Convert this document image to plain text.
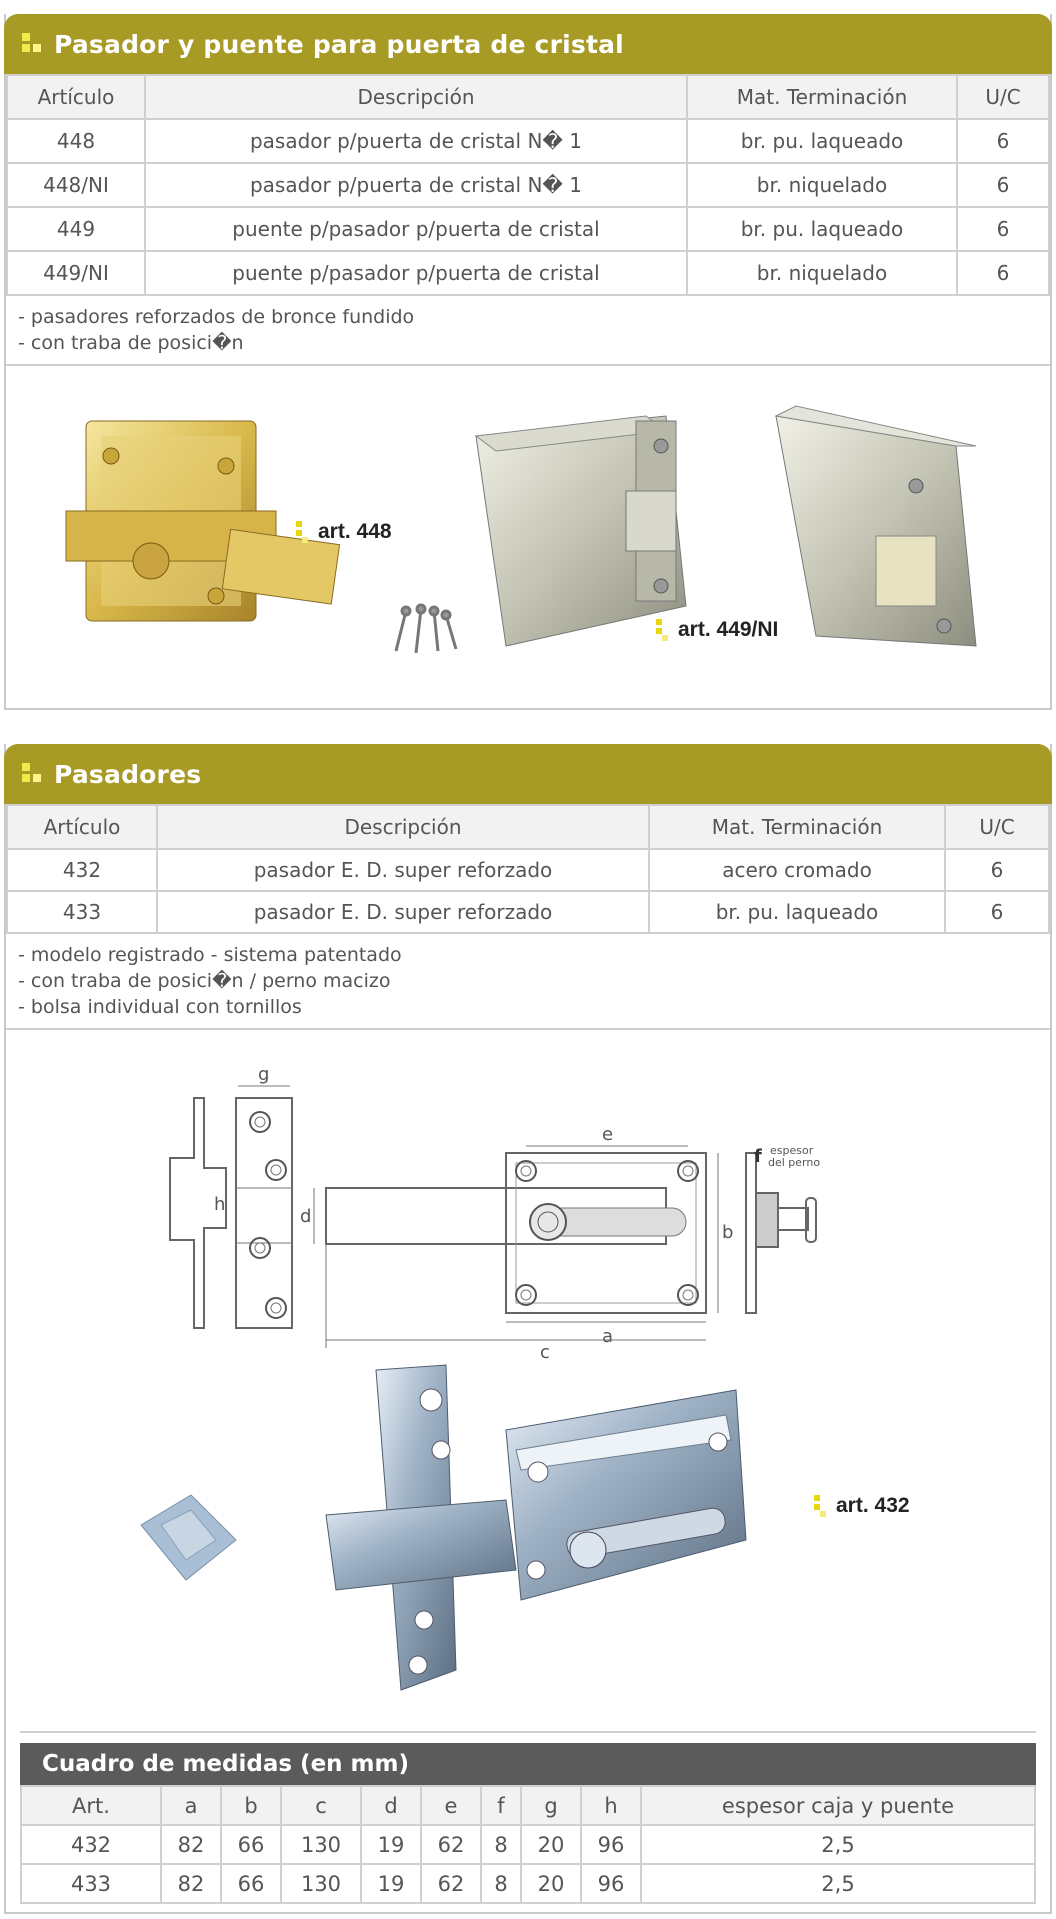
Pasador y puente para puerta de cristal
Artículo	Descripción	Mat. Terminación	U/C
448	pasador p/puerta de cristal N� 1	br. pu. laqueado	6
448/NI	pasador p/puerta de cristal N� 1	br. niquelado	6
449	puente p/pasador p/puerta de cristal	br. pu. laqueado	6
449/NI	puente p/pasador p/puerta de cristal	br. niquelado	6
- pasadores reforzados de bronce fundido
- con traba de posici�n
art. 448
art. 449/NI
Pasadores
Artículo	Descripción	Mat. Terminación	U/C
432	pasador E. D. super reforzado	acero cromado	6
433	pasador E. D. super reforzado	br. pu. laqueado	6
- modelo registrado - sistema patentado
- con traba de posici�n / perno macizo
- bolsa individual con tornillos
g
h
d
e
b
a
c
f espesor
del perno
art. 432
Cuadro de medidas (en mm)
Art.	a	b	c	d	e	f	g	h	espesor caja y puente
432	82	66	130	19	62	8	20	96	2,5
433	82	66	130	19	62	8	20	96	2,5
